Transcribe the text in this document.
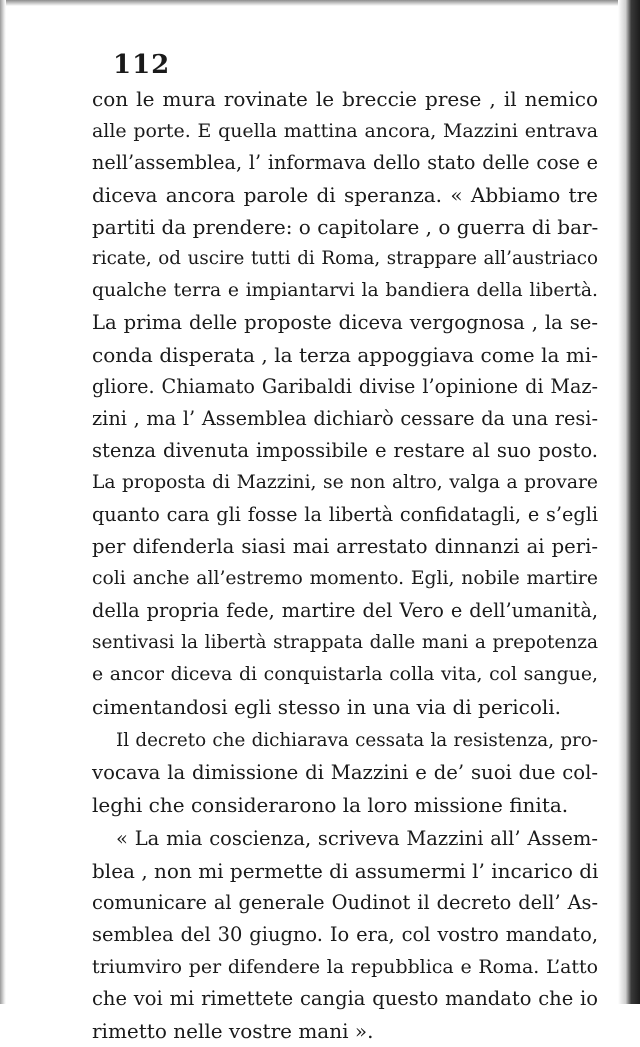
112
con le mura rovinate le breccie prese , il nemico
alle porte. E quella mattina ancora, Mazzini entrava
nell’assemblea, l’ informava dello stato delle cose e
diceva ancora parole di speranza. « Abbiamo tre
partiti da prendere: o capitolare , o guerra di bar-
ricate, od uscire tutti di Roma, strappare all’austriaco
qualche terra e impiantarvi la bandiera della libertà.
La prima delle proposte diceva vergognosa , la se-
conda disperata , la terza appoggiava come la mi-
gliore. Chiamato Garibaldi divise l’opinione di Maz-
zini , ma l’ Assemblea dichiarò cessare da una resi-
stenza divenuta impossibile e restare al suo posto.
La proposta di Mazzini, se non altro, valga a provare
quanto cara gli fosse la libertà confidatagli, e s’egli
per difenderla siasi mai arrestato dinnanzi ai peri-
coli anche all’estremo momento. Egli, nobile martire
della propria fede, martire del Vero e dell’umanità,
sentivasi la libertà strappata dalle mani a prepotenza
e ancor diceva di conquistarla colla vita, col sangue,
cimentandosi egli stesso in una via di pericoli.
Il decreto che dichiarava cessata la resistenza, pro-
vocava la dimissione di Mazzini e de’ suoi due col-
leghi che considerarono la loro missione finita.
« La mia coscienza, scriveva Mazzini all’ Assem-
blea , non mi permette di assumermi l’ incarico di
comunicare al generale Oudinot il decreto dell’ As-
semblea del 30 giugno. Io era, col vostro mandato,
triumviro per difendere la repubblica e Roma. L’atto
che voi mi rimettete cangia questo mandato che io
rimetto nelle vostre mani ».
